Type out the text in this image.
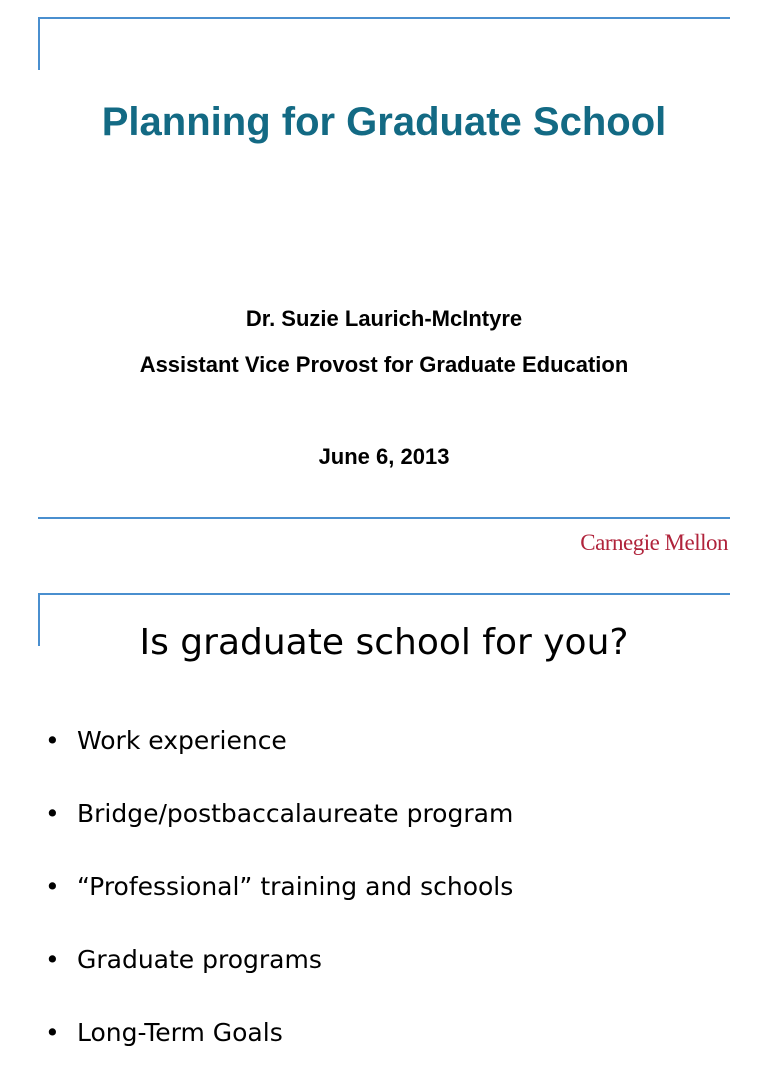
Planning for Graduate School
Dr. Suzie Laurich-McIntyre
Assistant Vice Provost for Graduate Education
June 6, 2013
Carnegie Mellon
Is graduate school for you?
• Work experience
• Bridge/postbaccalaureate program
• “Professional” training and schools
• Graduate programs
• Long-Term Goals
